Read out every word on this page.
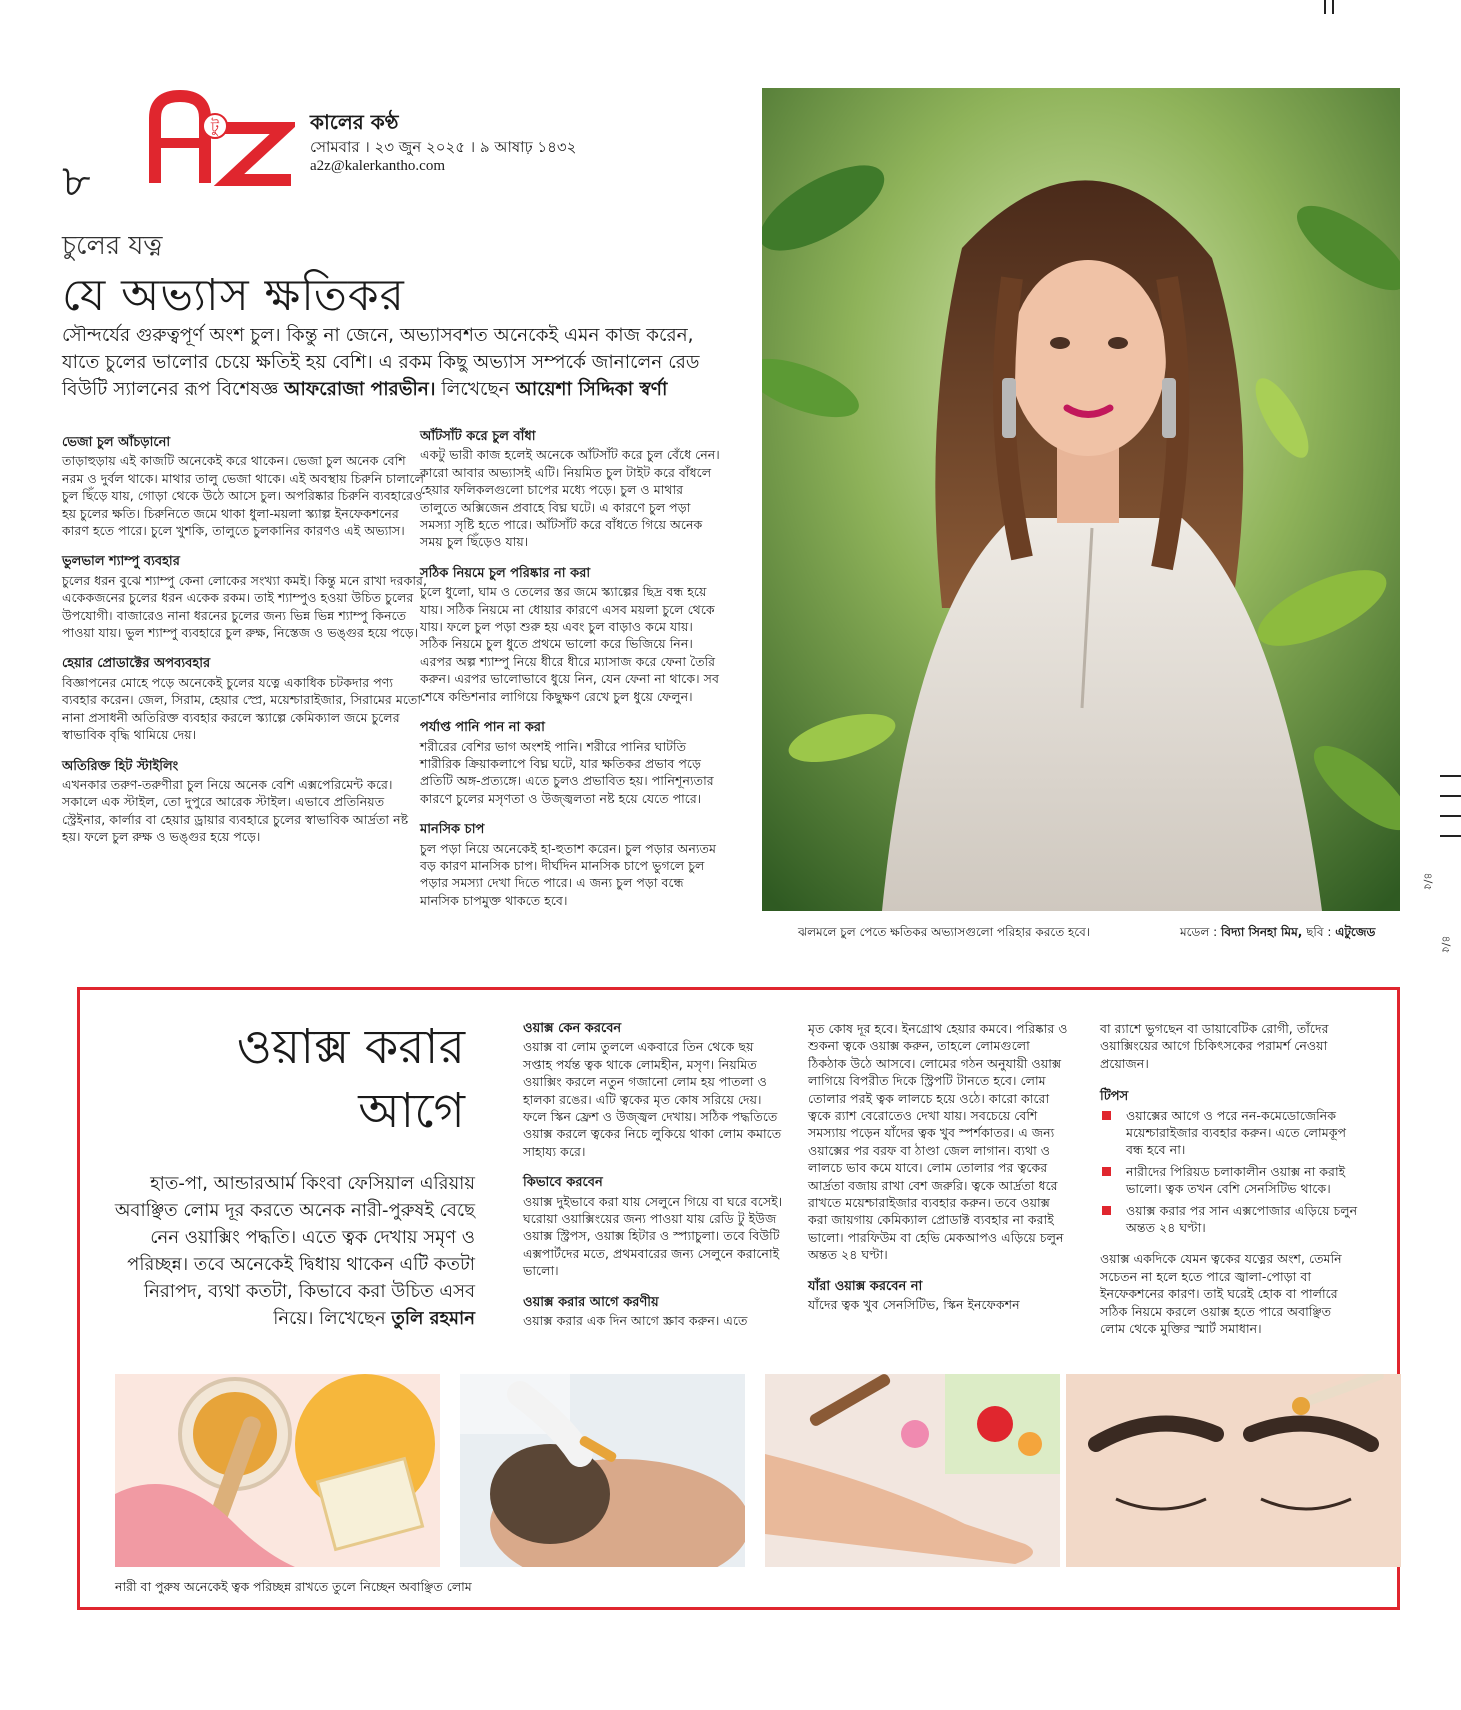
৮
টু	কালের কণ্ঠ
সোমবার । ২৩ জুন ২০২৫ । ৯ আষাঢ় ১৪৩২
a2z@kalerkantho.com
চুলের যত্ন
যে অভ্যাস ক্ষতিকর
সৌন্দর্যের গুরুত্বপূর্ণ অংশ চুল। কিন্তু না জেনে, অভ্যাসবশত অনেকেই এমন কাজ করেন, যাতে চুলের ভালোর চেয়ে ক্ষতিই হয় বেশি। এ রকম কিছু অভ্যাস সম্পর্কে জানালেন রেড বিউটি স্যালনের রূপ বিশেষজ্ঞ আফরোজা পারভীন। লিখেছেন আয়েশা সিদ্দিকা স্বর্ণা
ভেজা চুল আঁচড়ানো

তাড়াহুড়ায় এই কাজটি অনেকেই করে থাকেন। ভেজা চুল অনেক বেশি নরম ও দুর্বল থাকে। মাথার তালু ভেজা থাকে। এই অবস্থায় চিরুনি চালালে চুল ছিঁড়ে যায়, গোড়া থেকে উঠে আসে চুল। অপরিষ্কার চিরুনি ব্যবহারেও হয় চুলের ক্ষতি। চিরুনিতে জমে থাকা ধুলা-ময়লা স্ক্যাল্প ইনফেকশনের কারণ হতে পারে। চুলে খুশকি, তালুতে চুলকানির কারণও এই অভ্যাস।

ভুলভাল শ্যাম্পু ব্যবহার

চুলের ধরন বুঝে শ্যাম্পু কেনা লোকের সংখ্যা কমই। কিন্তু মনে রাখা দরকার, একেকজনের চুলের ধরন একেক রকম। তাই শ্যাম্পুও হওয়া উচিত চুলের উপযোগী। বাজারেও নানা ধরনের চুলের জন্য ভিন্ন ভিন্ন শ্যাম্পু কিনতে পাওয়া যায়। ভুল শ্যাম্পু ব্যবহারে চুল রুক্ষ, নিস্তেজ ও ভঙ্গুর হয়ে পড়ে।

হেয়ার প্রোডাক্টের অপব্যবহার

বিজ্ঞাপনের মোহে পড়ে অনেকেই চুলের যত্নে একাধিক চটকদার পণ্য ব্যবহার করেন। জেল, সিরাম, হেয়ার স্প্রে, ময়েশ্চারাইজার, সিরামের মতো নানা প্রসাধনী অতিরিক্ত ব্যবহার করলে স্ক্যাল্পে কেমিক্যাল জমে চুলের স্বাভাবিক বৃদ্ধি থামিয়ে দেয়।

অতিরিক্ত হিট স্টাইলিং

এখনকার তরুণ-তরুণীরা চুল নিয়ে অনেক বেশি এক্সপেরিমেন্ট করে। সকালে এক স্টাইল, তো দুপুরে আরেক স্টাইল। এভাবে প্রতিনিয়ত স্ট্রেইনার, কার্লার বা হেয়ার ড্রায়ার ব্যবহারে চুলের স্বাভাবিক আর্দ্রতা নষ্ট হয়। ফলে চুল রুক্ষ ও ভঙ্গুর হয়ে পড়ে।

আঁটসাঁট করে চুল বাঁধা

একটু ভারী কাজ হলেই অনেকে আঁটসাঁট করে চুল বেঁধে নেন। কারো আবার অভ্যাসই এটি। নিয়মিত চুল টাইট করে বাঁধলে হেয়ার ফলিকলগুলো চাপের মধ্যে পড়ে। চুল ও মাথার তালুতে অক্সিজেন প্রবাহে বিঘ্ন ঘটে। এ কারণে চুল পড়া সমস্যা সৃষ্টি হতে পারে। আঁটসাঁট করে বাঁধতে গিয়ে অনেক সময় চুল ছিঁড়েও যায়।

সঠিক নিয়মে চুল পরিষ্কার না করা

চুলে ধুলো, ঘাম ও তেলের স্তর জমে স্ক্যাল্পের ছিদ্র বন্ধ হয়ে যায়। সঠিক নিয়মে না ধোয়ার কারণে এসব ময়লা চুলে থেকে যায়। ফলে চুল পড়া শুরু হয় এবং চুল বাড়াও কমে যায়। সঠিক নিয়মে চুল ধুতে প্রথমে ভালো করে ভিজিয়ে নিন। এরপর অল্প শ্যাম্পু নিয়ে ধীরে ধীরে ম্যাসাজ করে ফেনা তৈরি করুন। এরপর ভালোভাবে ধুয়ে নিন, যেন ফেনা না থাকে। সব শেষে কন্ডিশনার লাগিয়ে কিছুক্ষণ রেখে চুল ধুয়ে ফেলুন।

পর্যাপ্ত পানি পান না করা

শরীরের বেশির ভাগ অংশই পানি। শরীরে পানির ঘাটতি শারীরিক ক্রিয়াকলাপে বিঘ্ন ঘটে, যার ক্ষতিকর প্রভাব পড়ে প্রতিটি অঙ্গ-প্রত্যঙ্গে। এতে চুলও প্রভাবিত হয়। পানিশূন্যতার কারণে চুলের মসৃণতা ও উজ্জ্বলতা নষ্ট হয়ে যেতে পারে।

মানসিক চাপ

চুল পড়া নিয়ে অনেকেই হা-হুতাশ করেন। চুল পড়ার অন্যতম বড় কারণ মানসিক চাপ। দীর্ঘদিন মানসিক চাপে ভুগলে চুল পড়ার সমস্যা দেখা দিতে পারে। এ জন্য চুল পড়া বন্ধে মানসিক চাপমুক্ত থাকতে হবে।

ঝলমলে চুল পেতে ক্ষতিকর অভ্যাসগুলো পরিহার করতে হবে।	মডেল : বিদ্যা সিনহা মিম, ছবি : এটুজেড
৪/৫
৪/৫
ওয়াক্স করার
আগে
হাত-পা, আন্ডারআর্ম কিংবা ফেসিয়াল এরিয়ায় অবাঞ্ছিত লোম দূর করতে অনেক নারী-পুরুষই বেছে নেন ওয়াক্সিং পদ্ধতি। এতে ত্বক দেখায় সমৃণ ও পরিচ্ছন্ন। তবে অনেকেই দ্বিধায় থাকেন এটি কতটা নিরাপদ, ব্যথা কতটা, কিভাবে করা উচিত এসব নিয়ে। লিখেছেন তুলি রহমান
ওয়াক্স কেন করবেন

ওয়াক্স বা লোম তুললে একবারে তিন থেকে ছয় সপ্তাহ পর্যন্ত ত্বক থাকে লোমহীন, মসৃণ। নিয়মিত ওয়াক্সিং করলে নতুন গজানো লোম হয় পাতলা ও হালকা রঙের। এটি ত্বকের মৃত কোষ সরিয়ে দেয়। ফলে স্কিন ফ্রেশ ও উজ্জ্বল দেখায়। সঠিক পদ্ধতিতে ওয়াক্স করলে ত্বকের নিচে লুকিয়ে থাকা লোম কমাতে সাহায্য করে।

কিভাবে করবেন

ওয়াক্স দুইভাবে করা যায় সেলুনে গিয়ে বা ঘরে বসেই। ঘরোয়া ওয়াক্সিংয়ের জন্য পাওয়া যায় রেডি টু ইউজ ওয়াক্স স্ট্রিপস, ওয়াক্স হিটার ও স্প্যাচুলা। তবে বিউটি এক্সপার্টদের মতে, প্রথমবারের জন্য সেলুনে করানোই ভালো।

ওয়াক্স করার আগে করণীয়

ওয়াক্স করার এক দিন আগে স্ক্রাব করুন। এতে

মৃত কোষ দূর হবে। ইনগ্রোথ হেয়ার কমবে। পরিষ্কার ও শুকনা ত্বকে ওয়াক্স করুন, তাহলে লোমগুলো ঠিকঠাক উঠে আসবে। লোমের গঠন অনুযায়ী ওয়াক্স লাগিয়ে বিপরীত দিকে স্ট্রিপটি টানতে হবে। লোম তোলার পরই ত্বক লালচে হয়ে ওঠে। কারো কারো ত্বকে র‍্যাশ বেরোতেও দেখা যায়। সবচেয়ে বেশি সমস্যায় পড়েন যাঁদের ত্বক খুব স্পর্শকাতর। এ জন্য ওয়াক্সের পর বরফ বা ঠাণ্ডা জেল লাগান। ব্যথা ও লালচে ভাব কমে যাবে। লোম তোলার পর ত্বকের আর্দ্রতা বজায় রাখা বেশ জরুরি। ত্বকে আর্দ্রতা ধরে রাখতে ময়েশ্চারাইজার ব্যবহার করুন। তবে ওয়াক্স করা জায়গায় কেমিক্যাল প্রোডাক্ট ব্যবহার না করাই ভালো। পারফিউম বা হেভি মেকআপও এড়িয়ে চলুন অন্তত ২৪ ঘণ্টা।

যাঁরা ওয়াক্স করবেন না

যাঁদের ত্বক খুব সেনসিটিভ, স্কিন ইনফেকশন

বা র‍্যাশে ভুগছেন বা ডায়াবেটিক রোগী, তাঁদের ওয়াক্সিংয়ের আগে চিকিৎসকের পরামর্শ নেওয়া প্রয়োজন।

টিপস
ওয়াক্সের আগে ও পরে নন-কমেডোজেনিক ময়েশ্চারাইজার ব্যবহার করুন। এতে লোমকূপ বন্ধ হবে না।
নারীদের পিরিয়ড চলাকালীন ওয়াক্স না করাই ভালো। ত্বক তখন বেশি সেনসিটিভ থাকে।
ওয়াক্স করার পর সান এক্সপোজার এড়িয়ে চলুন অন্তত ২৪ ঘণ্টা।

ওয়াক্স একদিকে যেমন ত্বকের যত্নের অংশ, তেমনি সচেতন না হলে হতে পারে জ্বালা-পোড়া বা ইনফেকশনের কারণ। তাই ঘরেই হোক বা পার্লারে সঠিক নিয়মে করলে ওয়াক্স হতে পারে অবাঞ্ছিত লোম থেকে মুক্তির স্মার্ট সমাধান।

নারী বা পুরুষ অনেকেই ত্বক পরিচ্ছন্ন রাখতে তুলে নিচ্ছেন অবাঞ্ছিত লোম
